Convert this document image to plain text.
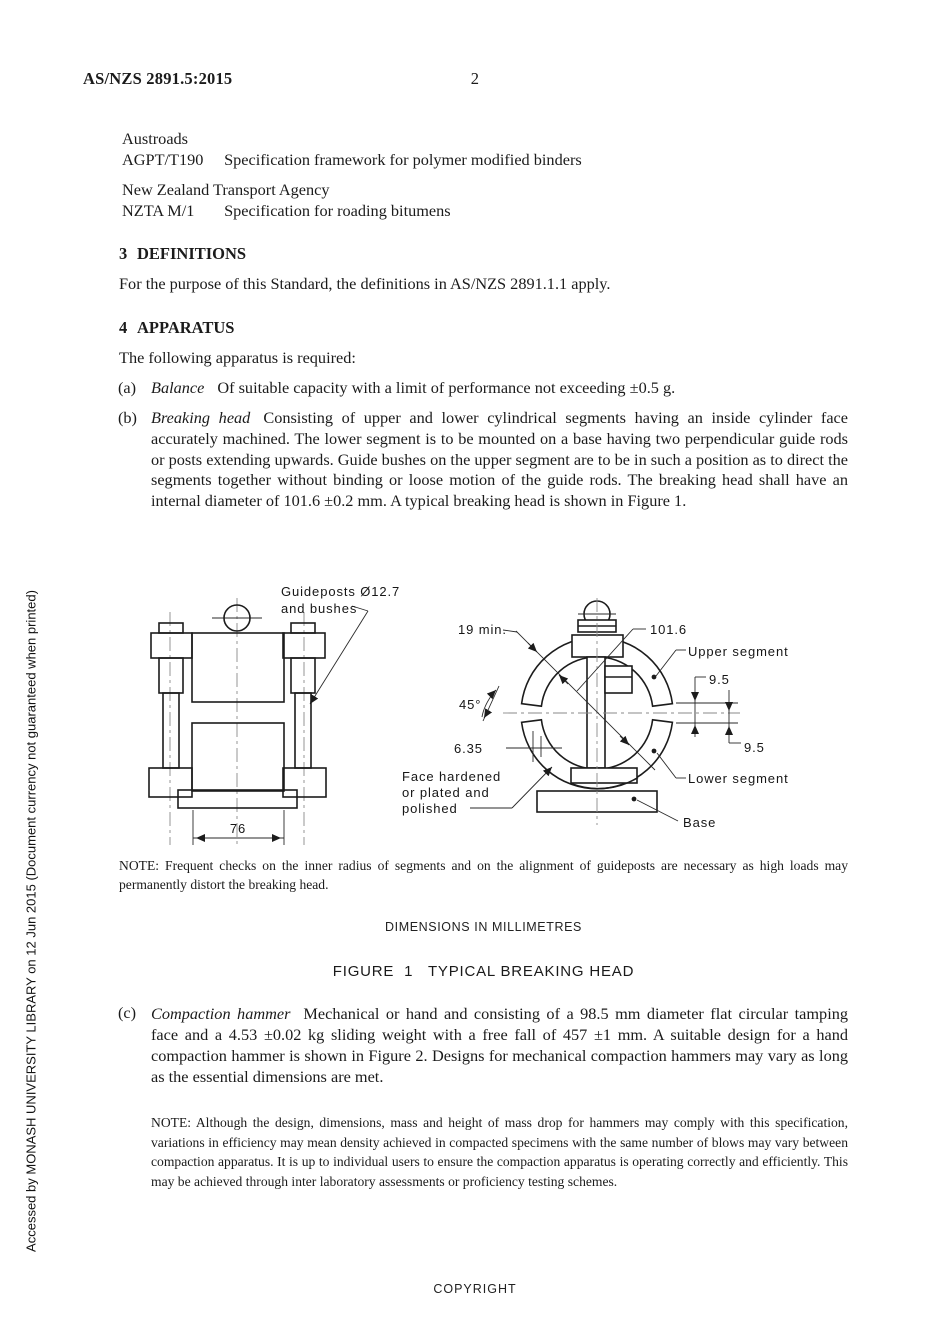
Accessed by MONASH UNIVERSITY LIBRARY on 12 Jun 2015 (Document currency not guaranteed when printed)
AS/NZS 2891.5:2015	2
Austroads
AGPT/T190 Specification framework for polymer modified binders
New Zealand Transport Agency
NZTA M/1 Specification for roading bitumens
3 DEFINITIONS
For the purpose of this Standard, the definitions in AS/NZS 2891.1.1 apply.
4 APPARATUS
The following apparatus is required:
(a) Balance Of suitable capacity with a limit of performance not exceeding ±0.5 g.
(b) Breaking head Consisting of upper and lower cylindrical segments having an inside cylinder face accurately machined. The lower segment is to be mounted on a base having two perpendicular guide rods or posts extending upwards. Guide bushes on the upper segment are to be in such a position as to direct the segments together without binding or loose motion of the guide rods. The breaking head shall have an internal diameter of 101.6 ±0.2 mm. A typical breaking head is shown in Figure 1.
Guideposts Ø12.7
and bushes
76
19 min.	101.6
Upper segment
9.5
9.5
45°
6.35
Face hardened
or plated and
polished
Lower segment
Base
NOTE: Frequent checks on the inner radius of segments and on the alignment of guideposts are necessary as high loads may permanently distort the breaking head.
DIMENSIONS IN MILLIMETRES
FIGURE  1   TYPICAL BREAKING HEAD
(c) Compaction hammer Mechanical or hand and consisting of a 98.5 mm diameter flat circular tamping face and a 4.53 ±0.02 kg sliding weight with a free fall of 457 ±1 mm. A suitable design for a hand compaction hammer is shown in Figure 2. Designs for mechanical compaction hammers may vary as long as the essential dimensions are met.
NOTE: Although the design, dimensions, mass and height of mass drop for hammers may comply with this specification, variations in efficiency may mean density achieved in compacted specimens with the same number of blows may vary between compaction apparatus. It is up to individual users to ensure the compaction apparatus is operating correctly and efficiently. This may be achieved through inter laboratory assessments or proficiency testing schemes.
COPYRIGHT
